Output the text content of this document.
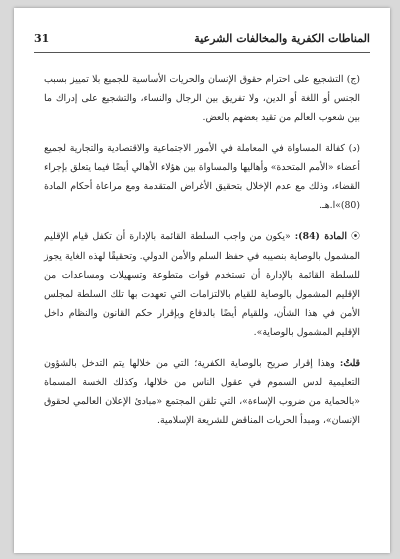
المناطات الكفرية والمخالفات الشرعية
31

(ج) التشجيع على احترام حقوق الإنسان والحريات الأساسية للجميع بلا تمييز بسبب الجنس أو اللغة أو الدين، ولا تفريق بين الرجال والنساء، والتشجيع على إدراك ما بين شعوب العالم من تقيد بعضهم بالعض.

(د) كفالة المساواة في المعاملة في الأمور الاجتماعية والاقتصادية والتجارية لجميع أعضاء «الأمم المتحدة» وأهاليها والمساواة بين هؤلاء الأهالي أيضًا فيما يتعلق بإجراء القضاء، وذلك مع عدم الإخلال بتحقيق الأغراض المتقدمة ومع مراعاة أحكام المادة (80)»ا.هـ.

⦿ المادة (84): «يكون من واجب السلطة القائمة بالإدارة أن تكفل قيام الإقليم المشمول بالوصاية بنصيبه في حفظ السلم والأمن الدولي. وتحقيقًا لهذه الغاية يجوز للسلطة القائمة بالإدارة أن تستخدم قوات متطوعة وتسهيلات ومساعدات من الإقليم المشمول بالوصاية للقيام بالالتزامات التي تعهدت بها تلك السلطة لمجلس الأمن في هذا الشأن، وللقيام أيضًا بالدفاع وبإقرار حكم القانون والنظام داخل الإقليم المشمول بالوصاية».

قلتُ: وهذا إقرار صريح بالوصاية الكفرية؛ التي من خلالها يتم التدخل بالشؤون التعليمية لدس السموم في عقول الناس من خلالها، وكذلك الخسة المسماة «بالحماية من ضروب الإساءة»، التي تلقن المجتمع «مبادئ الإعلان العالمي لحقوق الإنسان»، ومبدأ الحريات المناقض للشريعة الإسلامية.
